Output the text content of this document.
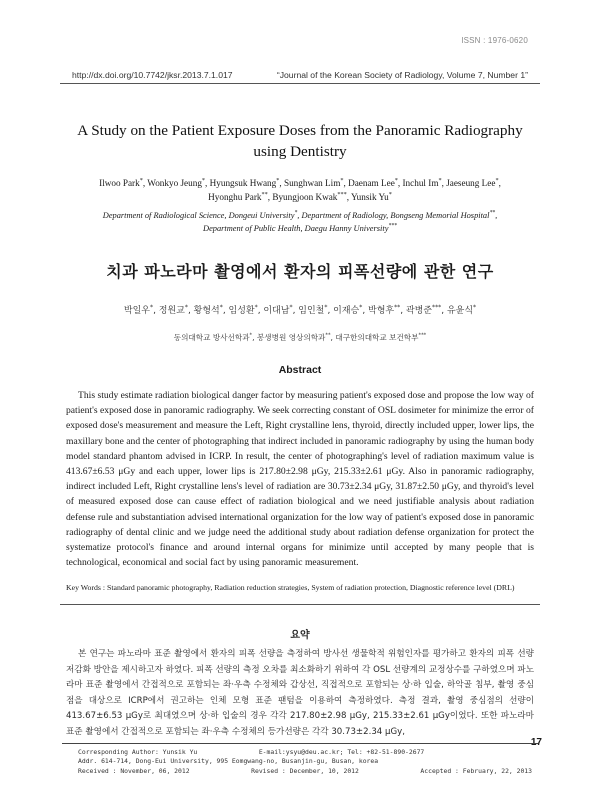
ISSN : 1976-0620
http://dx.doi.org/10.7742/jksr.2013.7.1.017	“Journal of the Korean Society of Radiology, Volume 7, Number 1”
A Study on the Patient Exposure Doses from the Panoramic Radiography using Dentistry
Ilwoo Park*, Wonkyo Jeung*, Hyungsuk Hwang*, Sunghwan Lim*, Daenam Lee*, Inchul Im*, Jaeseung Lee*,
Hyonghu Park**, Byungjoon Kwak***, Yunsik Yu*
Department of Radiological Science, Dongeui University*, Department of Radiology, Bongseng Memorial Hospital**,
Department of Public Health, Daegu Hanny University***
치과 파노라마 촬영에서 환자의 피폭선량에 관한 연구
박일우*, 정원교*, 황형석*, 임성환*, 이대남*, 임인철*, 이재승*, 박형후**, 곽병준***, 유윤식*
동의대학교 방사선학과*, 봉생병원 영상의학과**, 대구한의대학교 보건학부***
Abstract
This study estimate radiation biological danger factor by measuring patient's exposed dose and propose the low way of patient's exposed dose in panoramic radiography. We seek correcting constant of OSL dosimeter for minimize the error of exposed dose's measurement and measure the Left, Right crystalline lens, thyroid, directly included upper, lower lips, the maxillary bone and the center of photographing that indirect included in panoramic radiography by using the human body model standard phantom advised in ICRP. In result, the center of photographing's level of radiation maximum value is 413.67±6.53 μGy and each upper, lower lips is 217.80±2.98 μGy, 215.33±2.61 μGy. Also in panoramic radiography, indirect included Left, Right crystalline lens's level of radiation are 30.73±2.34 μGy, 31.87±2.50 μGy, and thyroid's level of measured exposed dose can cause effect of radiation biological and we need justifiable analysis about radiation defense rule and substantiation advised international organization for the low way of patient's exposed dose in panoramic radiography of dental clinic and we judge need the additional study about radiation defense organization for protect the systematize protocol's finance and around internal organs for minimize until accepted by many people that is technological, economical and social fact by using panoramic measurement.
Key Words : Standard panoramic photography, Radiation reduction strategies, System of radiation protection, Diagnostic reference level (DRL)
요약
본 연구는 파노라마 표준 촬영에서 환자의 피폭 선량을 측정하여 방사선 생물학적 위험인자를 평가하고 환자의 피폭 선량 저감화 방안을 제시하고자 하였다. 피폭 선량의 측정 오차를 최소화하기 위하여 각 OSL 선량계의 교정상수를 구하였으며 파노라마 표준 촬영에서 간접적으로 포함되는 좌·우측 수정체와 갑상선, 직접적으로 포함되는 상·하 입술, 하악골 침부, 촬영 중심점을 대상으로 ICRP에서 권고하는 인체 모형 표준 팬텀을 이용하여 측정하였다. 측정 결과, 촬영 중심점의 선량이 413.67±6.53 μGy로 최대였으며 상·하 입술의 경우 각각 217.80±2.98 μGy, 215.33±2.61 μGy이었다. 또한 파노라마 표준 촬영에서 간접적으로 포함되는 좌·우측 수정체의 등가선량은 각각 30.73±2.34 μGy,
17
Corresponding Author: Yunsik Yu                E-mail:ysyu@deu.ac.kr; Tel: +82-51-890-2677
Addr. 614-714, Dong-Eui University, 995 Eomgwang-no, Busanjin-gu, Busan, korea
Received : November, 06, 2012                Revised : December, 10, 2012                Accepted : February, 22, 2013
